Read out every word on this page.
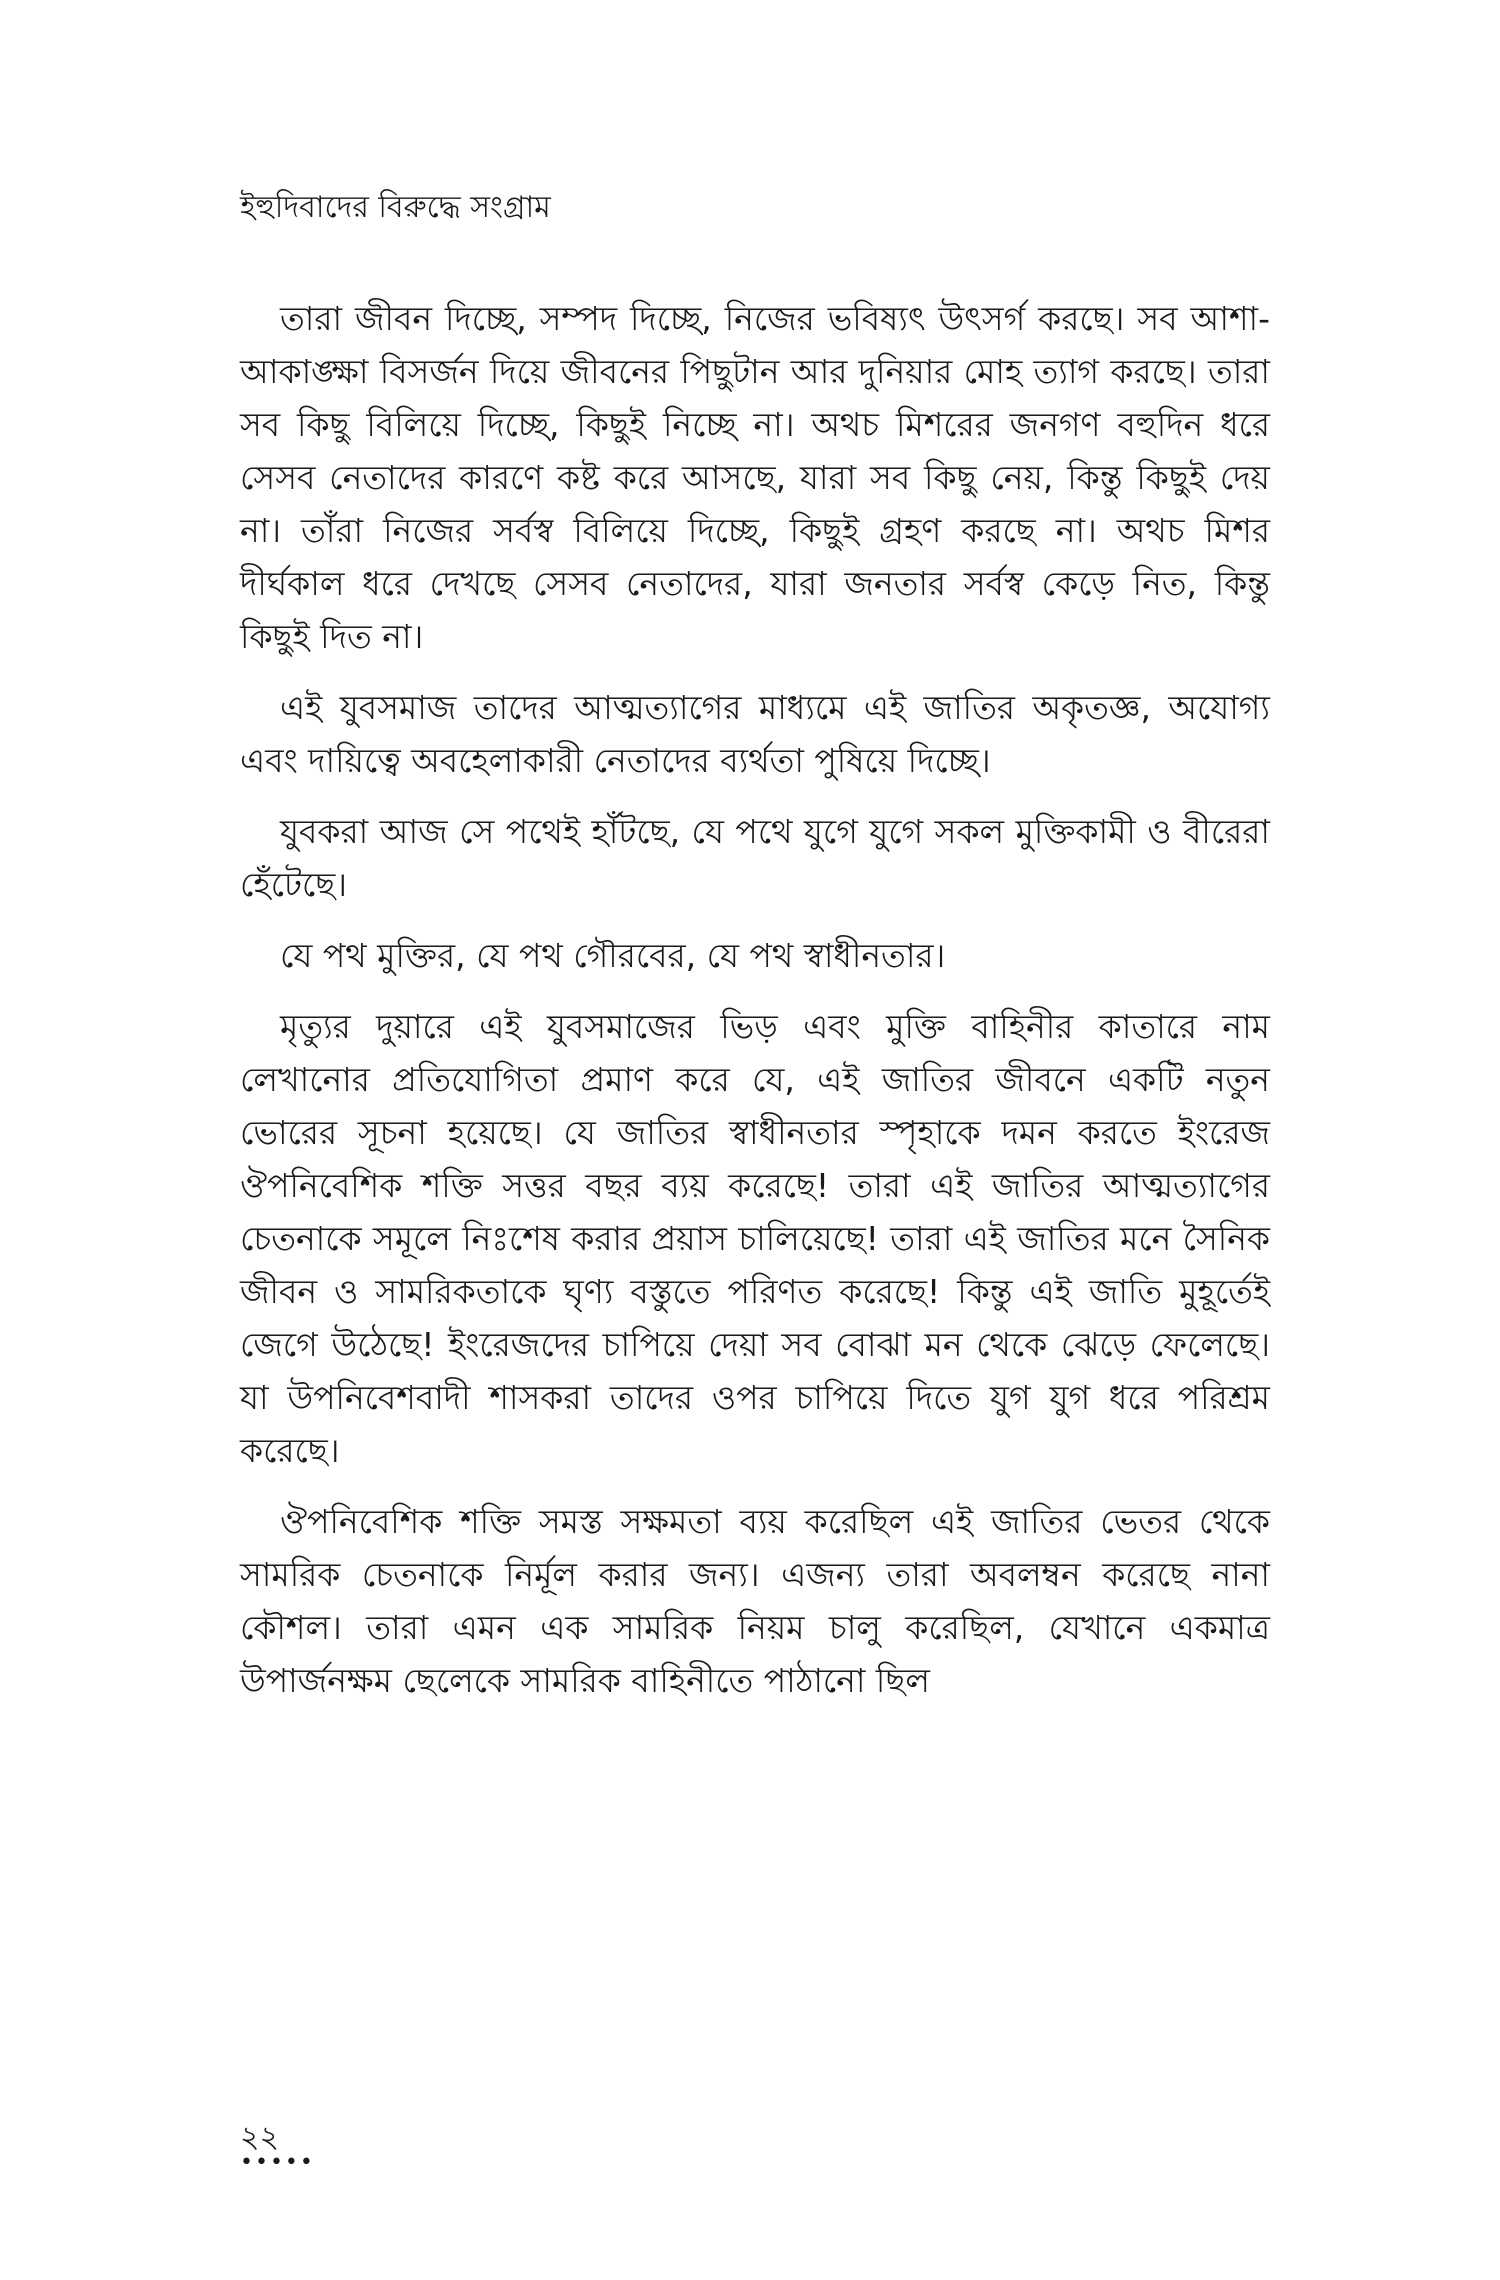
ইহুদিবাদের বিরুদ্ধে সংগ্রাম

তারা জীবন দিচ্ছে, সম্পদ দিচ্ছে, নিজের ভবিষ্যৎ উৎসর্গ করছে। সব আশা-আকাঙ্ক্ষা বিসর্জন দিয়ে জীবনের পিছুটান আর দুনিয়ার মোহ ত্যাগ করছে। তারা সব কিছু বিলিয়ে দিচ্ছে, কিছুই নিচ্ছে না। অথচ মিশরের জনগণ বহুদিন ধরে সেসব নেতাদের কারণে কষ্ট করে আসছে, যারা সব কিছু নেয়, কিন্তু কিছুই দেয় না। তাঁরা নিজের সর্বস্ব বিলিয়ে দিচ্ছে, কিছুই গ্রহণ করছে না। অথচ মিশর দীর্ঘকাল ধরে দেখছে সেসব নেতাদের, যারা জনতার সর্বস্ব কেড়ে নিত, কিন্তু কিছুই দিত না।

এই যুবসমাজ তাদের আত্মত্যাগের মাধ্যমে এই জাতির অকৃতজ্ঞ, অযোগ্য এবং দায়িত্বে অবহেলাকারী নেতাদের ব্যর্থতা পুষিয়ে দিচ্ছে।

যুবকরা আজ সে পথেই হাঁটছে, যে পথে যুগে যুগে সকল মুক্তিকামী ও বীরেরা হেঁটেছে।

যে পথ মুক্তির, যে পথ গৌরবের, যে পথ স্বাধীনতার।

মৃত্যুর দুয়ারে এই যুবসমাজের ভিড় এবং মুক্তি বাহিনীর কাতারে নাম লেখানোর প্রতিযোগিতা প্রমাণ করে যে, এই জাতির জীবনে একটি নতুন ভোরের সূচনা হয়েছে। যে জাতির স্বাধীনতার স্পৃহাকে দমন করতে ইংরেজ ঔপনিবেশিক শক্তি সত্তর বছর ব্যয় করেছে! তারা এই জাতির আত্মত্যাগের চেতনাকে সমূলে নিঃশেষ করার প্রয়াস চালিয়েছে! তারা এই জাতির মনে সৈনিক জীবন ও সামরিকতাকে ঘৃণ্য বস্তুতে পরিণত করেছে! কিন্তু এই জাতি মুহূর্তেই জেগে উঠেছে! ইংরেজদের চাপিয়ে দেয়া সব বোঝা মন থেকে ঝেড়ে ফেলেছে। যা উপনিবেশবাদী শাসকরা তাদের ওপর চাপিয়ে দিতে যুগ যুগ ধরে পরিশ্রম করেছে।

ঔপনিবেশিক শক্তি সমস্ত সক্ষমতা ব্যয় করেছিল এই জাতির ভেতর থেকে সামরিক চেতনাকে নির্মূল করার জন্য। এজন্য তারা অবলম্বন করেছে নানা কৌশল। তারা এমন এক সামরিক নিয়ম চালু করেছিল, যেখানে একমাত্র উপার্জনক্ষম ছেলেকে সামরিক বাহিনীতে পাঠানো ছিল

২২
•••••
